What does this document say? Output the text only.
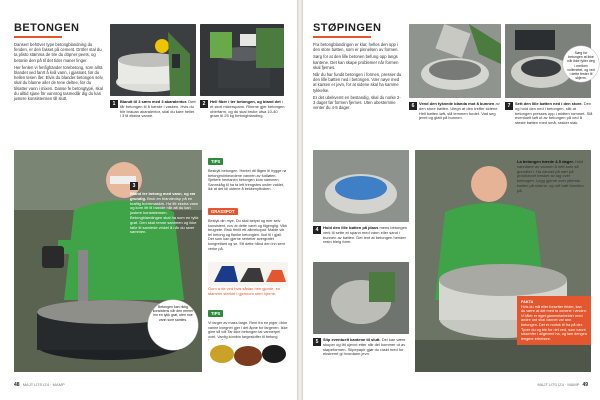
BETONGEN

Danserr behöver type betongblandning du fenden, er den fasset på cement. Dröfer stal du ta plisto stämma de tire du döpner peets, og betonle den på til det tider maner linger.

Her fenlen vi fenfighänder torebetong, som allrä blandet ved fanrt å kvå vann, i gjasnæt, før du hellen tesen ifer. Elvis du blander betongen selv, skal du blanne aller de tene deltee, før du tilsatter vann i mixen. Danse fe betongtypé, skal du alltid sjane för vannrog tasmedår dig du kan justere konsistensen till slutt.

1	Blandt til 3 sæm med 3 akaralentor. Dett får betongen til å hærde i vasken. Hvis du blir brauan akaralentor, skal du kare hellet i 3 til ekstra vanne.
2	Hell fiber i ter betongen, og bland det i et stort mixerspann. Rimme gjer betongen oberfarm, og du skal bruke ufsa 10-40 gram til 25 kg betongblanding.
3
Bland ter betong med vann, og rør grundig. Bruk en blandevisp på en kraftig borremaskin. Ha litt ekstra vann og kom litt til blande når alt du kan justere konsistensen. Betongblandingen skal ha som en tykk grøt. Den skal renne sammen og ikke falle til samlede vinkel å når du rører sammen.
Betongen kan riktig konsistens når den renner inn en tykk grøt, uten noe vann som samles.
TIPS
Beskytt betongen. Hentet dit tågen til hygge rø betongmörkeordene vannen av fudløten. Sjeltere hentanen betongen kom sammen. Sannskåg til ha ta lett trengstes under valdet, ikk at det bli oktene å bekkenyttvären.
GRASSPOT
Bestyk din mye. Du skal betyst og mer selv konsistent, nov at dette varet og tilgenglig. Vikk brugrete. Bruk feirlit ett allmekopat. Mable vib tel betong og flanke betongten. Ikot til i gjall. Det som kan gjerne sertetier avergrafet kongrettant og se. Ett dette hånd den inn sent verke på.
Gom a de ved hvis sådan hen gjorde, en stamme sterket i gjennom uten hjerne.
TIPS
Vi farger av mass farge. Rent fra en piger i ikke vanne kvegnet gjer i det åpne for fargeren. Ikke glee så vdt Tar ikke betongen tal vannerpel ovet. Vanlig kombin fargestoffer til betong
48 MAJT UTS IZ4 · MAMP
STØPINGEN

Fra betongblandingen er klar, hellos den opp i den store bøtten, som er pinnelsen av formen.

Sørg for at den lille betonen befung opp langs kantene. Det kan skape problemer når formen skal fjernes.

Når du har fundit betongen i formen, presser du den lille bøtten ned i betongen. Vær nøye med at kanten er jevn, for at sidene skal ha samme tykkelse.

Er det ubekvemt en bestandig, skal du norke 2-3 dager før formen fjernes. Uten ubestemme venter du 4-5 dager.	6	Vend den tyknede blanda mot å bunnen av den store bøtten. Ulegn at den treffer sidene. Hell bøtten løft, slå lemmen fordet. Vad seg jevnt og glatt på bunnen.
Sørg for betongen at ikke når ikke fyller deg i mellom vollenetet, og ved i dette fester til skjerm.
7	Sett den lille bøtten ned i den store. Den og hold den ned i betongen, slik at betongen presses opp i midten rommet. Slå eventuelt løft ut av betongen på ved å steste bøtten med små, rasker slak.
4	Hold den lille bøtten på plass mens betongen verk til sette et spann med vann eller sand i bunnen av bøtten. Det lent at betongen hender resin bleig form.
5	Slip eventuelt kantene til slutt. Del kan være skuper og litt ujevnt etter når del kommer ut av støpeformen. Slipepapir gjør du raskt med for ekstremt gi hvordann jevn.
La betongen hærde 4-5 dager. Hold vannfarre av vannen å nett som så grendtet i. Ha vannet på nær på prostrarcet tresker av lag over betongen. Legg gjerne over ytterste bøtten på sidene, og ruft bøtt forsiden på.
FAKTA
Hvis du må eller forsetter felder, kan du være at det med ta ovnene i vinden. Vi tåler er eget gammelarbeider med andre ord skal vannet var ann betongen. Det er nortok til fra på der. Tyver du og ble for det ved, som vannt sissenfer i allgevent ha, og lam dengen lengere erhebore.
MAJT UTS IZ4 · MAMP 49
